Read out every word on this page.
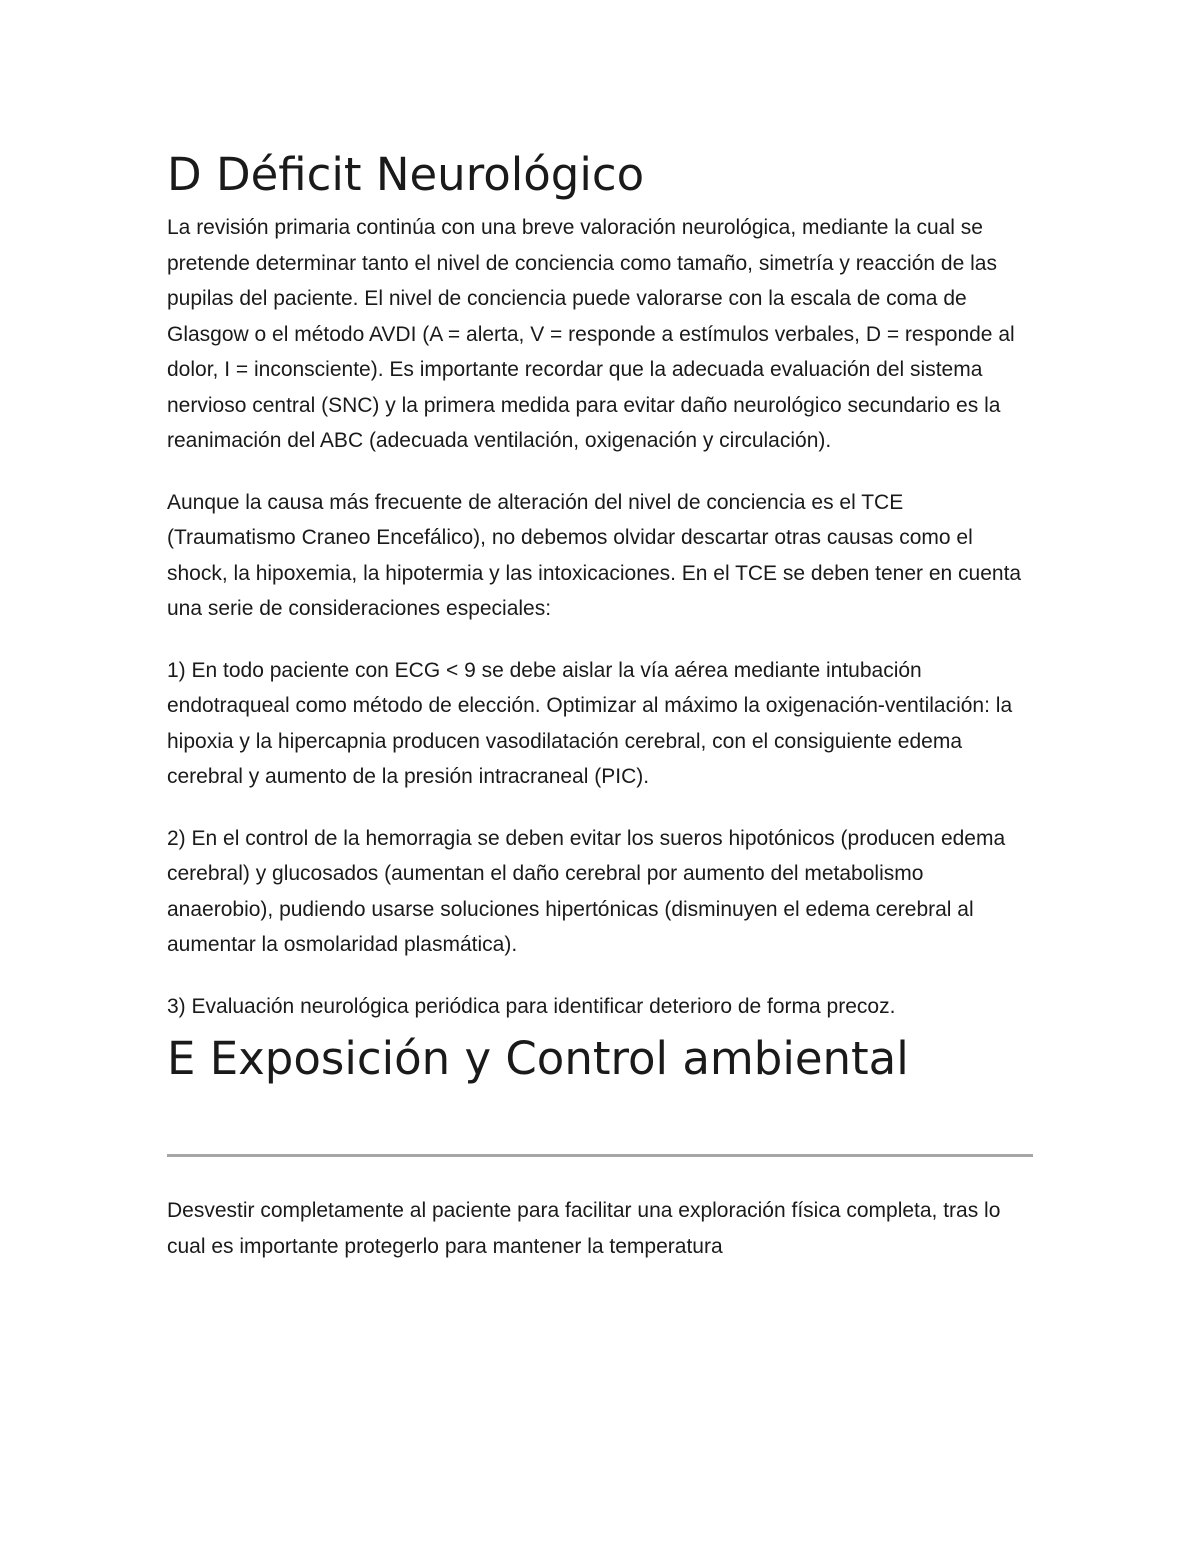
D Déficit Neurológico

La revisión primaria continúa con una breve valoración neurológica, mediante la cual se pretende determinar tanto el nivel de conciencia como tamaño, simetría y reacción de las pupilas del paciente. El nivel de conciencia puede valorarse con la escala de coma de Glasgow o el método AVDI (A = alerta, V = responde a estímulos verbales, D = responde al dolor, I = inconsciente). Es importante recordar que la adecuada evaluación del sistema nervioso central (SNC) y la primera medida para evitar daño neurológico secundario es la reanimación del ABC (adecuada ventilación, oxigenación y circulación).

Aunque la causa más frecuente de alteración del nivel de conciencia es el TCE (Traumatismo Craneo Encefálico), no debemos olvidar descartar otras causas como el shock, la hipoxemia, la hipotermia y las intoxicaciones. En el TCE se deben tener en cuenta una serie de consideraciones especiales:

1) En todo paciente con ECG < 9 se debe aislar la vía aérea mediante intubación endotraqueal como método de elección. Optimizar al máximo la oxigenación-ventilación: la hipoxia y la hipercapnia producen vasodilatación cerebral, con el consiguiente edema cerebral y aumento de la presión intracraneal (PIC).

2) En el control de la hemorragia se deben evitar los sueros hipotónicos (producen edema cerebral) y glucosados (aumentan el daño cerebral por aumento del metabolismo anaerobio), pudiendo usarse soluciones hipertónicas (disminuyen el edema cerebral al aumentar la osmolaridad plasmática).

3) Evaluación neurológica periódica para identificar deterioro de forma precoz.

E Exposición y Control ambiental

Desvestir completamente al paciente para facilitar una exploración física completa, tras lo cual es importante protegerlo para mantener la temperatura
